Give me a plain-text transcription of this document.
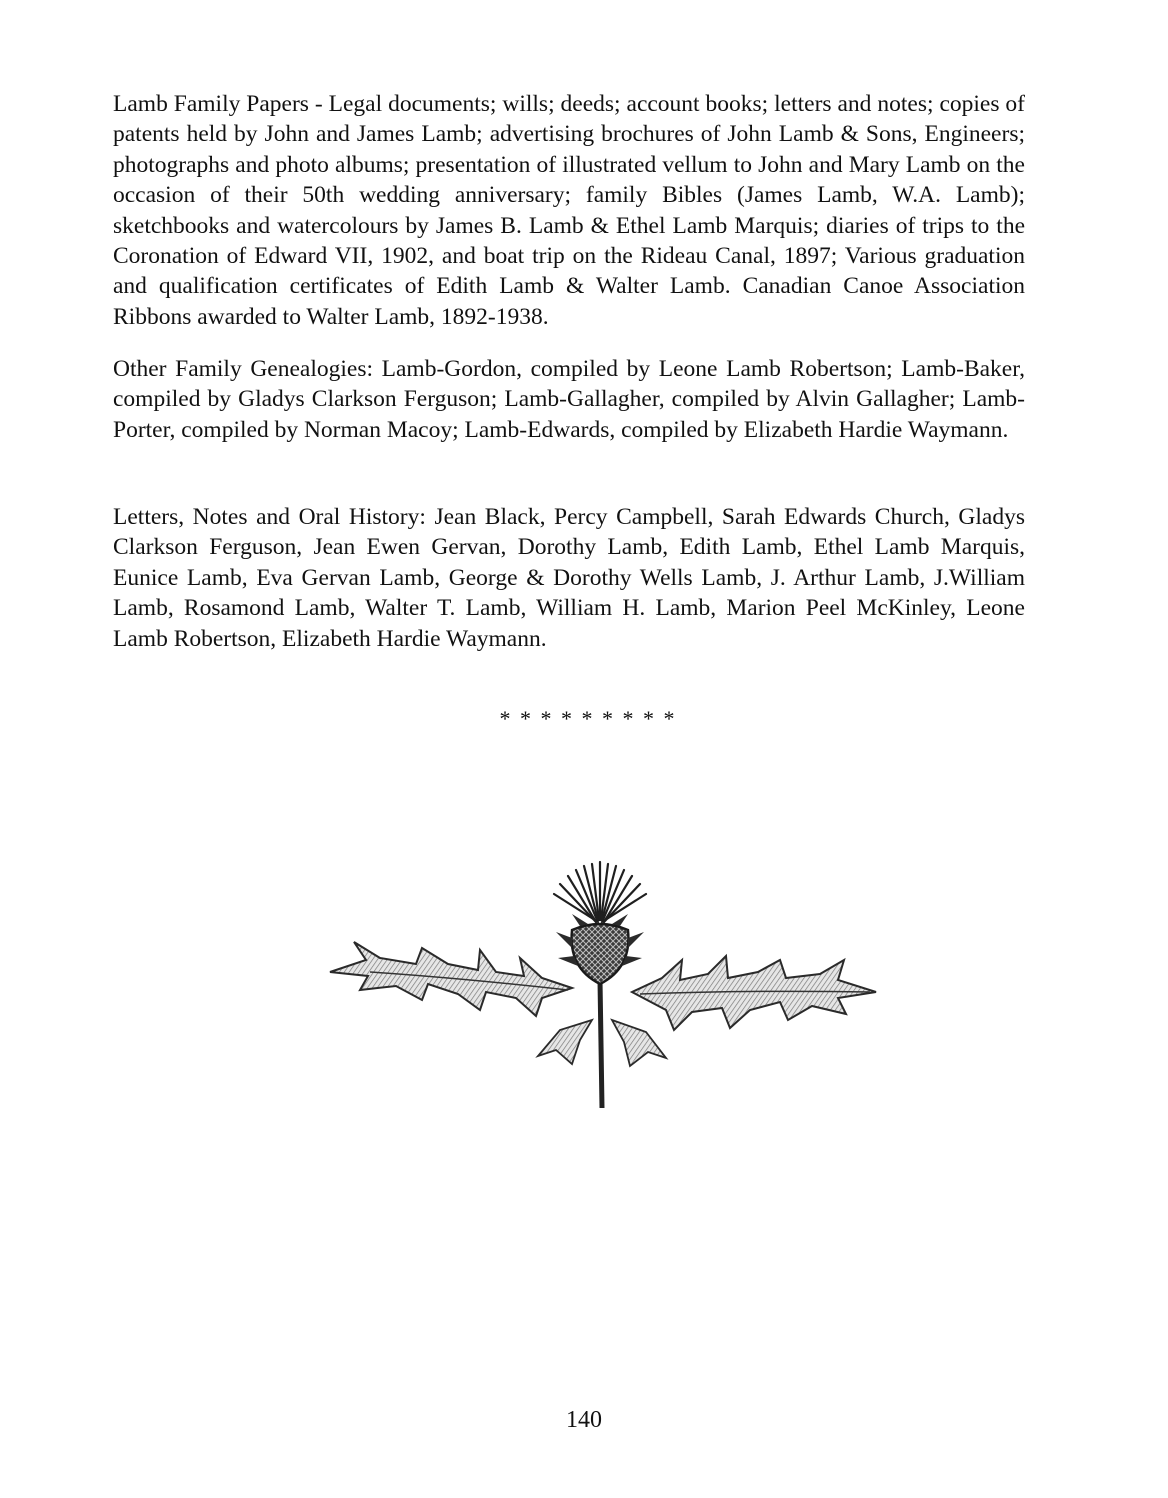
Lamb Family Papers - Legal documents; wills; deeds; account books; letters and notes; copies of patents held by John and James Lamb; advertising brochures of John Lamb & Sons, Engineers; photographs and photo albums; presentation of illustrated vellum to John and Mary Lamb on the occasion of their 50th wedding anniversary; family Bibles (James Lamb, W.A. Lamb); sketchbooks and watercolours by James B. Lamb & Ethel Lamb Marquis; diaries of trips to the Coronation of Edward VII, 1902, and boat trip on the Rideau Canal, 1897; Various graduation and qualification certificates of Edith Lamb & Walter Lamb. Canadian Canoe Association Ribbons awarded to Walter Lamb, 1892-1938.

Other Family Genealogies: Lamb-Gordon, compiled by Leone Lamb Robertson; Lamb-Baker, compiled by Gladys Clarkson Ferguson; Lamb-Gallagher, compiled by Alvin Gallagher; Lamb-Porter, compiled by Norman Macoy; Lamb-Edwards, compiled by Elizabeth Hardie Waymann.

Letters, Notes and Oral History: Jean Black, Percy Campbell, Sarah Edwards Church, Gladys Clarkson Ferguson, Jean Ewen Gervan, Dorothy Lamb, Edith Lamb, Ethel Lamb Marquis, Eunice Lamb, Eva Gervan Lamb, George & Dorothy Wells Lamb, J. Arthur Lamb, J.William Lamb, Rosamond Lamb, Walter T. Lamb, William H. Lamb, Marion Peel McKinley, Leone Lamb Robertson, Elizabeth Hardie Waymann.

* * * * * * * * *
140
